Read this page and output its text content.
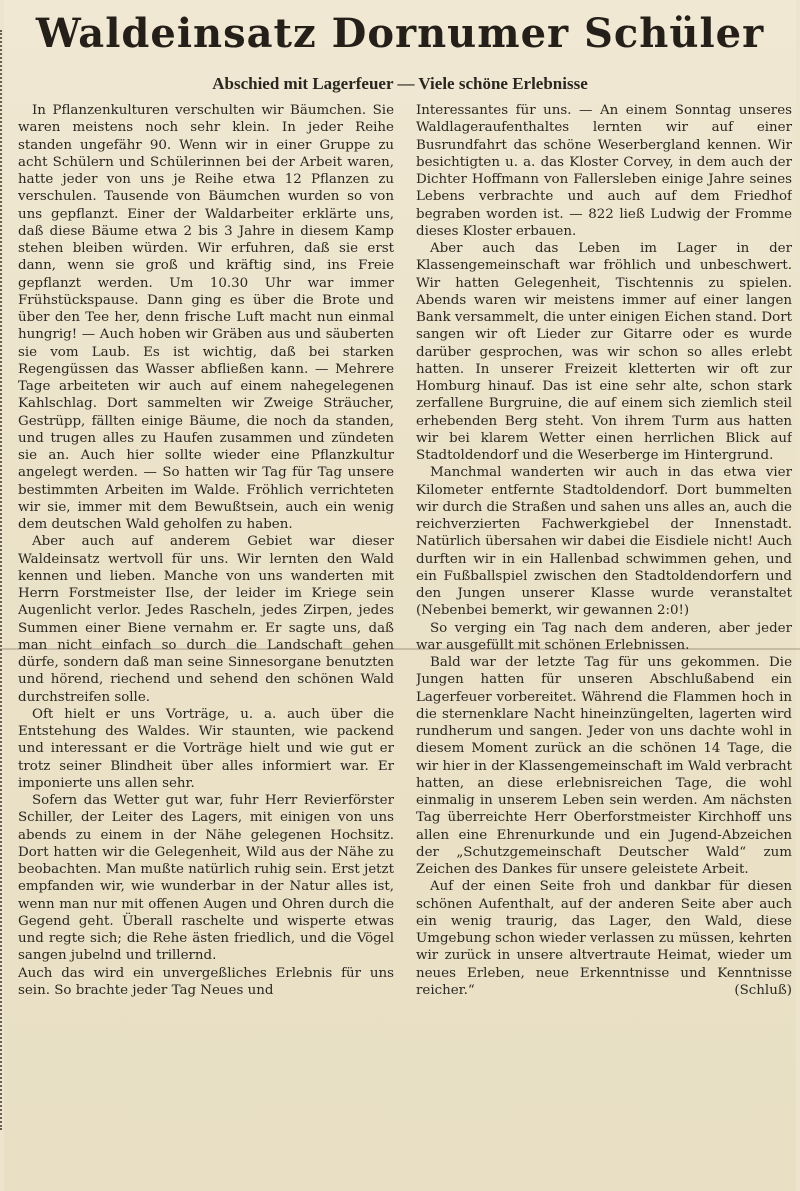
Waldeinsatz Dornumer Schüler
Abschied mit Lagerfeuer — Viele schöne Erlebnisse

In Pflanzenkulturen verschulten wir Bäumchen. Sie waren meistens noch sehr klein. In jeder Reihe standen ungefähr 90. Wenn wir in einer Gruppe zu acht Schülern und Schülerinnen bei der Arbeit waren, hatte jeder von uns je Reihe etwa 12 Pflanzen zu verschulen. Tausende von Bäumchen wurden so von uns gepflanzt. Einer der Waldarbeiter erklärte uns, daß diese Bäume etwa 2 bis 3 Jahre in diesem Kamp stehen bleiben würden. Wir erfuhren, daß sie erst dann, wenn sie groß und kräftig sind, ins Freie gepflanzt werden. Um 10.30 Uhr war immer Frühstückspause. Dann ging es über die Brote und über den Tee her, denn frische Luft macht nun einmal hungrig! — Auch hoben wir Gräben aus und säuberten sie vom Laub. Es ist wichtig, daß bei starken Regengüssen das Wasser abfließen kann. — Mehrere Tage arbeiteten wir auch auf einem nahegelegenen Kahlschlag. Dort sammelten wir Zweige Sträucher, Gestrüpp, fällten einige Bäume, die noch da standen, und trugen alles zu Haufen zusammen und zündeten sie an. Auch hier sollte wieder eine Pflanzkultur angelegt werden. — So hatten wir Tag für Tag unsere bestimmten Arbeiten im Walde. Fröhlich verrichteten wir sie, immer mit dem Bewußtsein, auch ein wenig dem deutschen Wald geholfen zu haben.

Aber auch auf anderem Gebiet war dieser Waldeinsatz wertvoll für uns. Wir lernten den Wald kennen und lieben. Manche von uns wanderten mit Herrn Forstmeister Ilse, der leider im Kriege sein Augenlicht verlor. Jedes Rascheln, jedes Zirpen, jedes Summen einer Biene vernahm er. Er sagte uns, daß man nicht einfach so durch die Landschaft gehen dürfe, sondern daß man seine Sinnesorgane benutzten und hörend, riechend und sehend den schönen Wald durchstreifen solle.

Oft hielt er uns Vorträge, u. a. auch über die Entstehung des Waldes. Wir staunten, wie packend und interessant er die Vorträge hielt und wie gut er trotz seiner Blindheit über alles informiert war. Er imponierte uns allen sehr.

Sofern das Wetter gut war, fuhr Herr Revierförster Schiller, der Leiter des Lagers, mit einigen von uns abends zu einem in der Nähe gelegenen Hochsitz. Dort hatten wir die Gelegenheit, Wild aus der Nähe zu beobachten. Man mußte natürlich ruhig sein. Erst jetzt empfanden wir, wie wunderbar in der Natur alles ist, wenn man nur mit offenen Augen und Ohren durch die Gegend geht. Überall raschelte und wisperte etwas und regte sich; die Rehe ästen friedlich, und die Vögel sangen jubelnd und trillernd.

Auch das wird ein unvergeßliches Erlebnis für uns sein. So brachte jeder Tag Neues und

Interessantes für uns. — An einem Sonntag unseres Waldlageraufenthaltes lernten wir auf einer Busrundfahrt das schöne Weserbergland kennen. Wir besichtigten u. a. das Kloster Corvey, in dem auch der Dichter Hoffmann von Fallersleben einige Jahre seines Lebens verbrachte und auch auf dem Friedhof begraben worden ist. — 822 ließ Ludwig der Fromme dieses Kloster erbauen.

Aber auch das Leben im Lager in der Klassengemeinschaft war fröhlich und unbeschwert. Wir hatten Gelegenheit, Tischtennis zu spielen. Abends waren wir meistens immer auf einer langen Bank versammelt, die unter einigen Eichen stand. Dort sangen wir oft Lieder zur Gitarre oder es wurde darüber gesprochen, was wir schon so alles erlebt hatten. In unserer Freizeit kletterten wir oft zur Homburg hinauf. Das ist eine sehr alte, schon stark zerfallene Burgruine, die auf einem sich ziemlich steil erhebenden Berg steht. Von ihrem Turm aus hatten wir bei klarem Wetter einen herrlichen Blick auf Stadtoldendorf und die Weserberge im Hintergrund.

Manchmal wanderten wir auch in das etwa vier Kilometer entfernte Stadtoldendorf. Dort bummelten wir durch die Straßen und sahen uns alles an, auch die reichverzierten Fachwerkgiebel der Innenstadt. Natürlich übersahen wir dabei die Eisdiele nicht! Auch durften wir in ein Hallenbad schwimmen gehen, und ein Fußballspiel zwischen den Stadtoldendorfern und den Jungen unserer Klasse wurde veranstaltet (Nebenbei bemerkt, wir gewannen 2:0!)

So verging ein Tag nach dem anderen, aber jeder war ausgefüllt mit schönen Erlebnissen.

Bald war der letzte Tag für uns gekommen. Die Jungen hatten für unseren Abschlußabend ein Lagerfeuer vorbereitet. Während die Flammen hoch in die sternenklare Nacht hineinzüngelten, lagerten wird rundherum und sangen. Jeder von uns dachte wohl in diesem Moment zurück an die schönen 14 Tage, die wir hier in der Klassengemeinschaft im Wald verbracht hatten, an diese erlebnisreichen Tage, die wohl einmalig in unserem Leben sein werden. Am nächsten Tag überreichte Herr Oberforstmeister Kirchhoff uns allen eine Ehrenurkunde und ein Jugend-Abzeichen der „Schutzgemeinschaft Deutscher Wald“ zum Zeichen des Dankes für unsere geleistete Arbeit.

Auf der einen Seite froh und dankbar für diesen schönen Aufenthalt, auf der anderen Seite aber auch ein wenig traurig, das Lager, den Wald, diese Umgebung schon wieder verlassen zu müssen, kehrten wir zurück in unsere altvertraute Heimat, wieder um neues Erleben, neue Erkenntnisse und Kenntnisse reicher.“	(Schluß)
